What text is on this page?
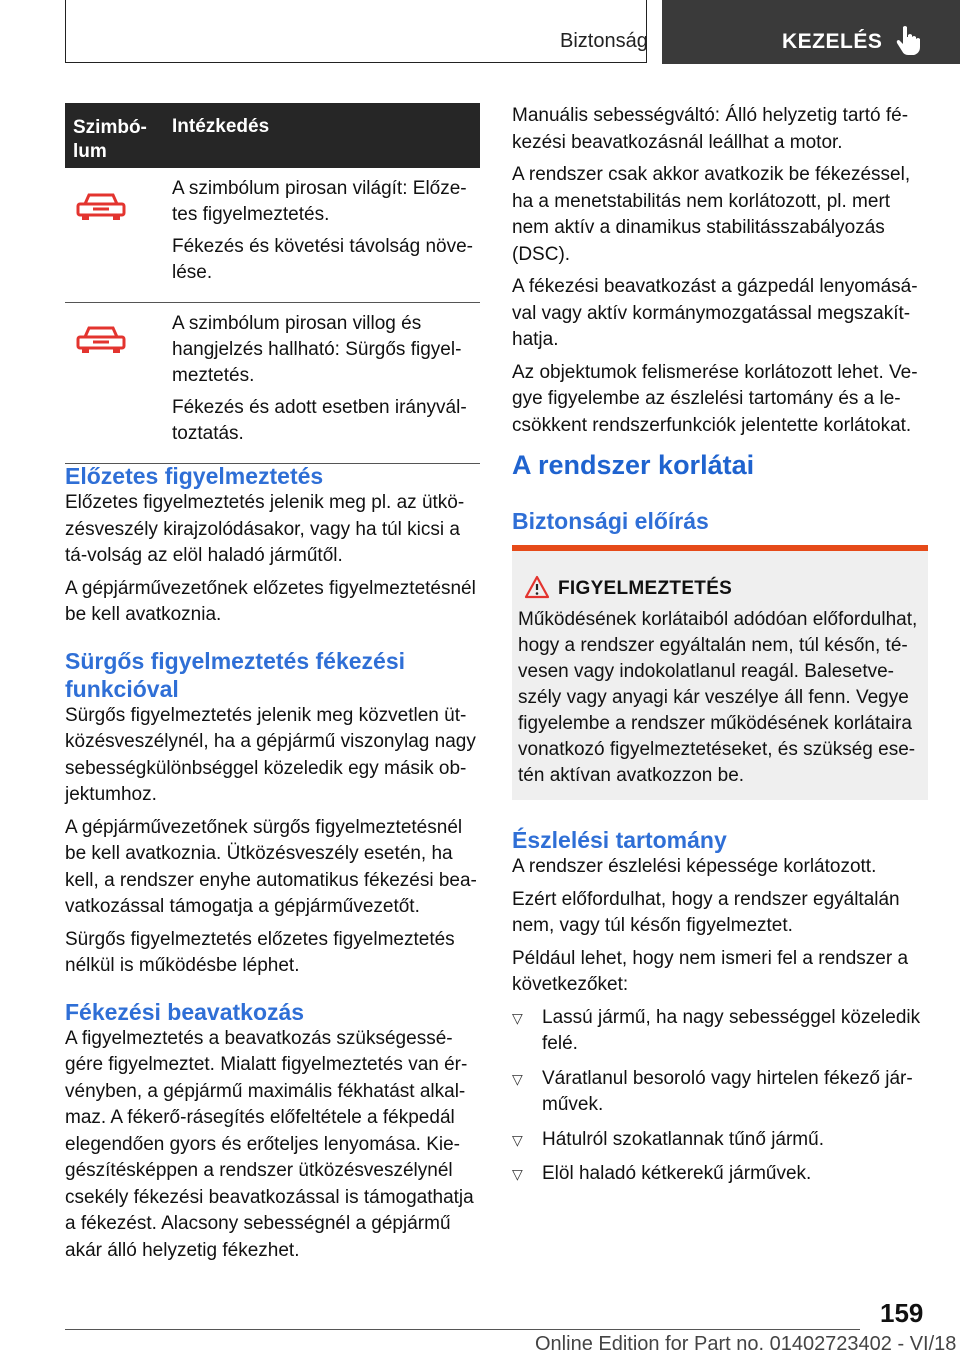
Biztonság	KEZELÉS
Szimbó-lum
Intézkedés

A szimbólum pirosan világít: Előze-tes figyelmeztetés.

Fékezés és követési távolság növe-lése.

A szimbólum pirosan villog és hangjelzés hallható: Sürgős figyel-meztetés.

Fékezés és adott esetben irányvál-toztatás.

Előzetes figyelmeztetés

Előzetes figyelmeztetés jelenik meg pl. az ütkö-zésveszély kirajzolódásakor, vagy ha túl kicsi a tá-volság az elöl haladó járműtől.

A gépjárművezetőnek előzetes figyelmeztetésnél be kell avatkoznia.

Sürgős figyelmeztetés fékezési funkcióval

Sürgős figyelmeztetés jelenik meg közvetlen üt-közésveszélynél, ha a gépjármű viszonylag nagy sebességkülönbséggel közeledik egy másik ob-jektumhoz.

A gépjárművezetőnek sürgős figyelmeztetésnél be kell avatkoznia. Ütközésveszély esetén, ha kell, a rendszer enyhe automatikus fékezési bea-vatkozással támogatja a gépjárművezetőt.

Sürgős figyelmeztetés előzetes figyelmeztetés nélkül is működésbe léphet.

Fékezési beavatkozás

A figyelmeztetés a beavatkozás szükségessé-gére figyelmeztet. Mialatt figyelmeztetés van ér-vényben, a gépjármű maximális fékhatást alkal-maz. A fékerő-rásegítés előfeltétele a fékpedál elegendően gyors és erőteljes lenyomása. Kie-gészítésképpen a rendszer ütközésveszélynél csekély fékezési beavatkozással is támogathatja a fékezést. Alacsony sebességnél a gépjármű akár álló helyzetig fékezhet.

Manuális sebességváltó: Álló helyzetig tartó fé-kezési beavatkozásnál leállhat a motor.

A rendszer csak akkor avatkozik be fékezéssel, ha a menetstabilitás nem korlátozott, pl. mert nem aktív a dinamikus stabilitásszabályozás (DSC).

A fékezési beavatkozást a gázpedál lenyomásá-val vagy aktív kormánymozgatással megszakít-hatja.

Az objektumok felismerése korlátozott lehet. Ve-gye figyelembe az észlelési tartomány és a le-csökkent rendszerfunkciók jelentette korlátokat.

A rendszer korlátai
Biztonsági előírás
FIGYELMEZTETÉS
Működésének korlátaiból adódóan előfordulhat, hogy a rendszer egyáltalán nem, túl későn, té-vesen vagy indokolatlanul reagál. Balesetve-szély vagy anyagi kár veszélye áll fenn. Vegye figyelembe a rendszer működésének korlátaira vonatkozó figyelmeztetéseket, és szükség ese-tén aktívan avatkozzon be.
Észlelési tartomány

A rendszer észlelési képessége korlátozott.

Ezért előfordulhat, hogy a rendszer egyáltalán nem, vagy túl későn figyelmeztet.

Például lehet, hogy nem ismeri fel a rendszer a következőket:

▽ Lassú jármű, ha nagy sebességgel közeledik felé.
▽ Váratlanul besoroló vagy hirtelen fékező jár-művek.
▽ Hátulról szokatlannak tűnő jármű.
▽ Elöl haladó kétkerekű járművek.
159
Online Edition for Part no. 01402723402 - VI/18
